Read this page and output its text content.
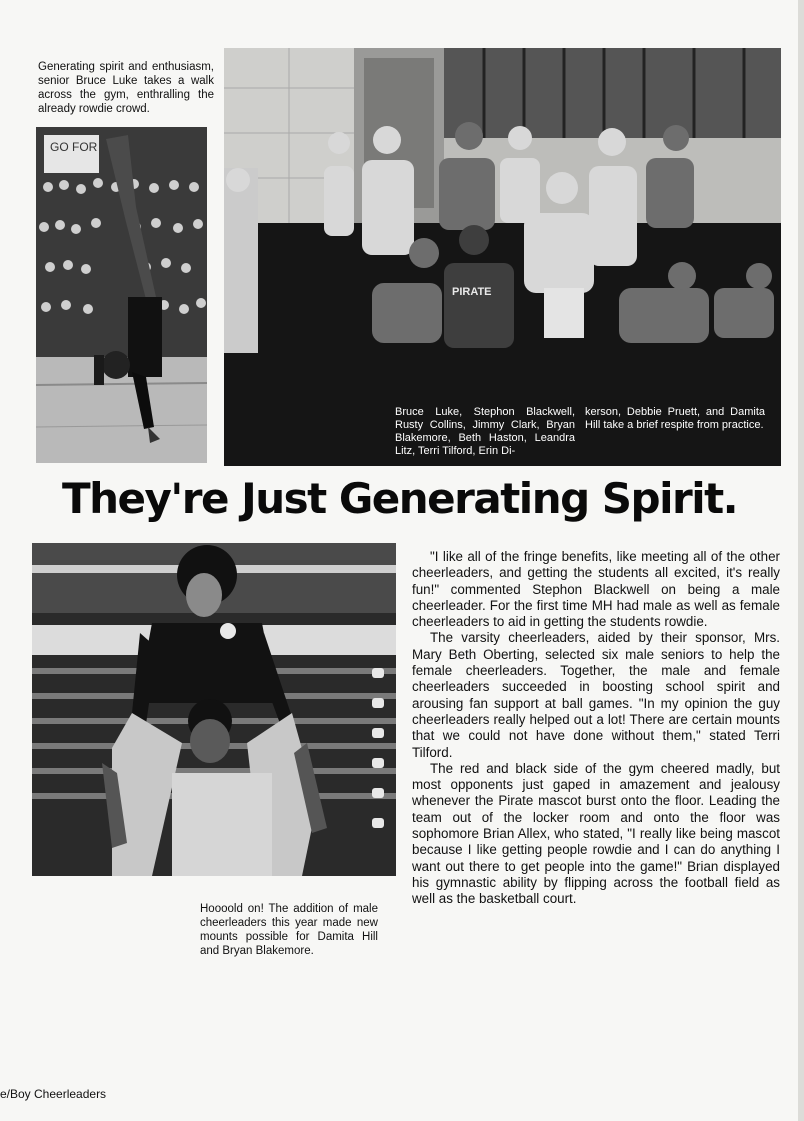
Generating spirit and enthusiasm, senior Bruce Luke takes a walk across the gym, enthralling the already rowdie crowd.
GO FOR
PIRATE
Bruce Luke, Stephon Blackwell, Rusty Collins, Jimmy Clark, Bryan Blakemore, Beth Haston, Leandra Litz, Terri Tilford, Erin Di-
kerson, Debbie Pruett, and Damita Hill take a brief respite from practice.
They're Just Generating Spirit.
Hoooold on! The addition of male cheerleaders this year made new mounts possible for Damita Hill and Bryan Blakemore.

"I like all of the fringe benefits, like meeting all of the other cheerleaders, and getting the students all excited, it's really fun!" commented Stephon Blackwell on being a male cheerleader. For the first time MH had male as well as female cheerleaders to aid in getting the students rowdie.

The varsity cheerleaders, aided by their sponsor, Mrs. Mary Beth Oberting, selected six male seniors to help the female cheerleaders. Together, the male and female cheerleaders succeeded in boosting school spirit and arousing fan support at ball games. "In my opinion the guy cheerleaders really helped out a lot! There are certain mounts that we could not have done without them," stated Terri Tilford.

The red and black side of the gym cheered madly, but most opponents just gaped in amazement and jealousy whenever the Pirate mascot burst onto the floor. Leading the team out of the locker room and onto the floor was sophomore Brian Allex, who stated, "I really like being mascot because I like getting people rowdie and I can do anything I want out there to get people into the game!" Brian displayed his gymnastic ability by flipping across the football field as well as the basketball court.

e/Boy Cheerleaders
